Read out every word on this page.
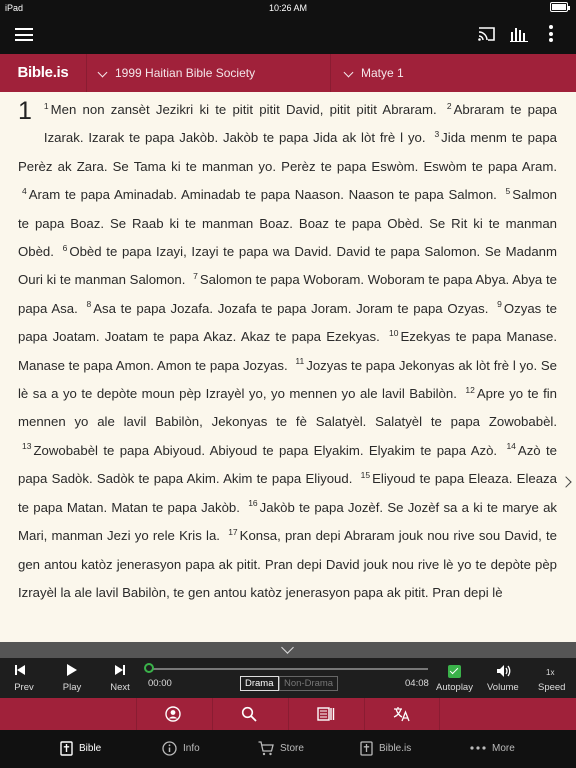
iPad	10:26 AM
Bible.is	1999 Haitian Bible Society	Matye 1
1 $^1$ Men non zansèt Jezikri ki te pitit pitit David, pitit pitit Abraram. $^2$ Abraram te papa Izarak. Izarak te papa Jakòb. Jakòb te papa Jida ak lòt frè l yo. $^3$ Jida menm te papa Perèz ak Zara. Se Tama ki te manman yo. Perèz te papa Eswòm. Eswòm te papa Aram. $^4$ Aram te papa Aminadab. Aminadab te papa Naason. Naason te papa Salmon. $^5$ Salmon te papa Boaz. Se Raab ki te manman Boaz. Boaz te papa Obèd. Se Rit ki te manman Obèd. $^6$ Obèd te papa Izayi, Izayi te papa wa David. David te papa Salomon. Se Madanm Ouri ki te manman Salomon. $^7$ Salomon te papa Woboram. Woboram te papa Abya. Abya te papa Asa. $^8$ Asa te papa Jozafa. Jozafa te papa Joram. Joram te papa Ozyas. $^9$ Ozyas te papa Joatam. Joatam te papa Akaz. Akaz te papa Ezekyas. $^{10}$ Ezekyas te papa Manase. Manase te papa Amon. Amon te papa Jozyas. $^{11}$ Jozyas te papa Jekonyas ak lòt frè l yo. Se lè sa a yo te depòte moun pèp Izrayèl yo, yo mennen yo ale lavil Babilòn. $^{12}$ Apre yo te fin mennen yo ale lavil Babilòn, Jekonyas te fè Salatyèl. Salatyèl te papa Zowobabèl. $^{13}$ Zowobabèl te papa Abiyoud. Abiyoud te papa Elyakim. Elyakim te papa Azò. $^{14}$ Azò te papa Sadòk. Sadòk te papa Akim. Akim te papa Eliyoud. $^{15}$ Eliyoud te papa Eleaza. Eleaza te papa Matan. Matan te papa Jakòb. $^{16}$ Jakòb te papa Jozèf. Se Jozèf sa a ki te marye ak Mari, manman Jezi yo rele Kris la. $^{17}$ Konsa, pran depi Abraram jouk nou rive sou David, te gen antou katòz jenerasyon papa ak pitit. Pran depi David jouk nou rive lè yo te depòte pèp Izrayèl la ale lavil Babilòn, te gen antou katòz jenerasyon papa ak pitit. Pran depi lè
Prev	Play	Next	00:00	04:08
Drama	Non-Drama	Autoplay Volume
1x
Speed
Bible	Info	Store	Bible.is	More
